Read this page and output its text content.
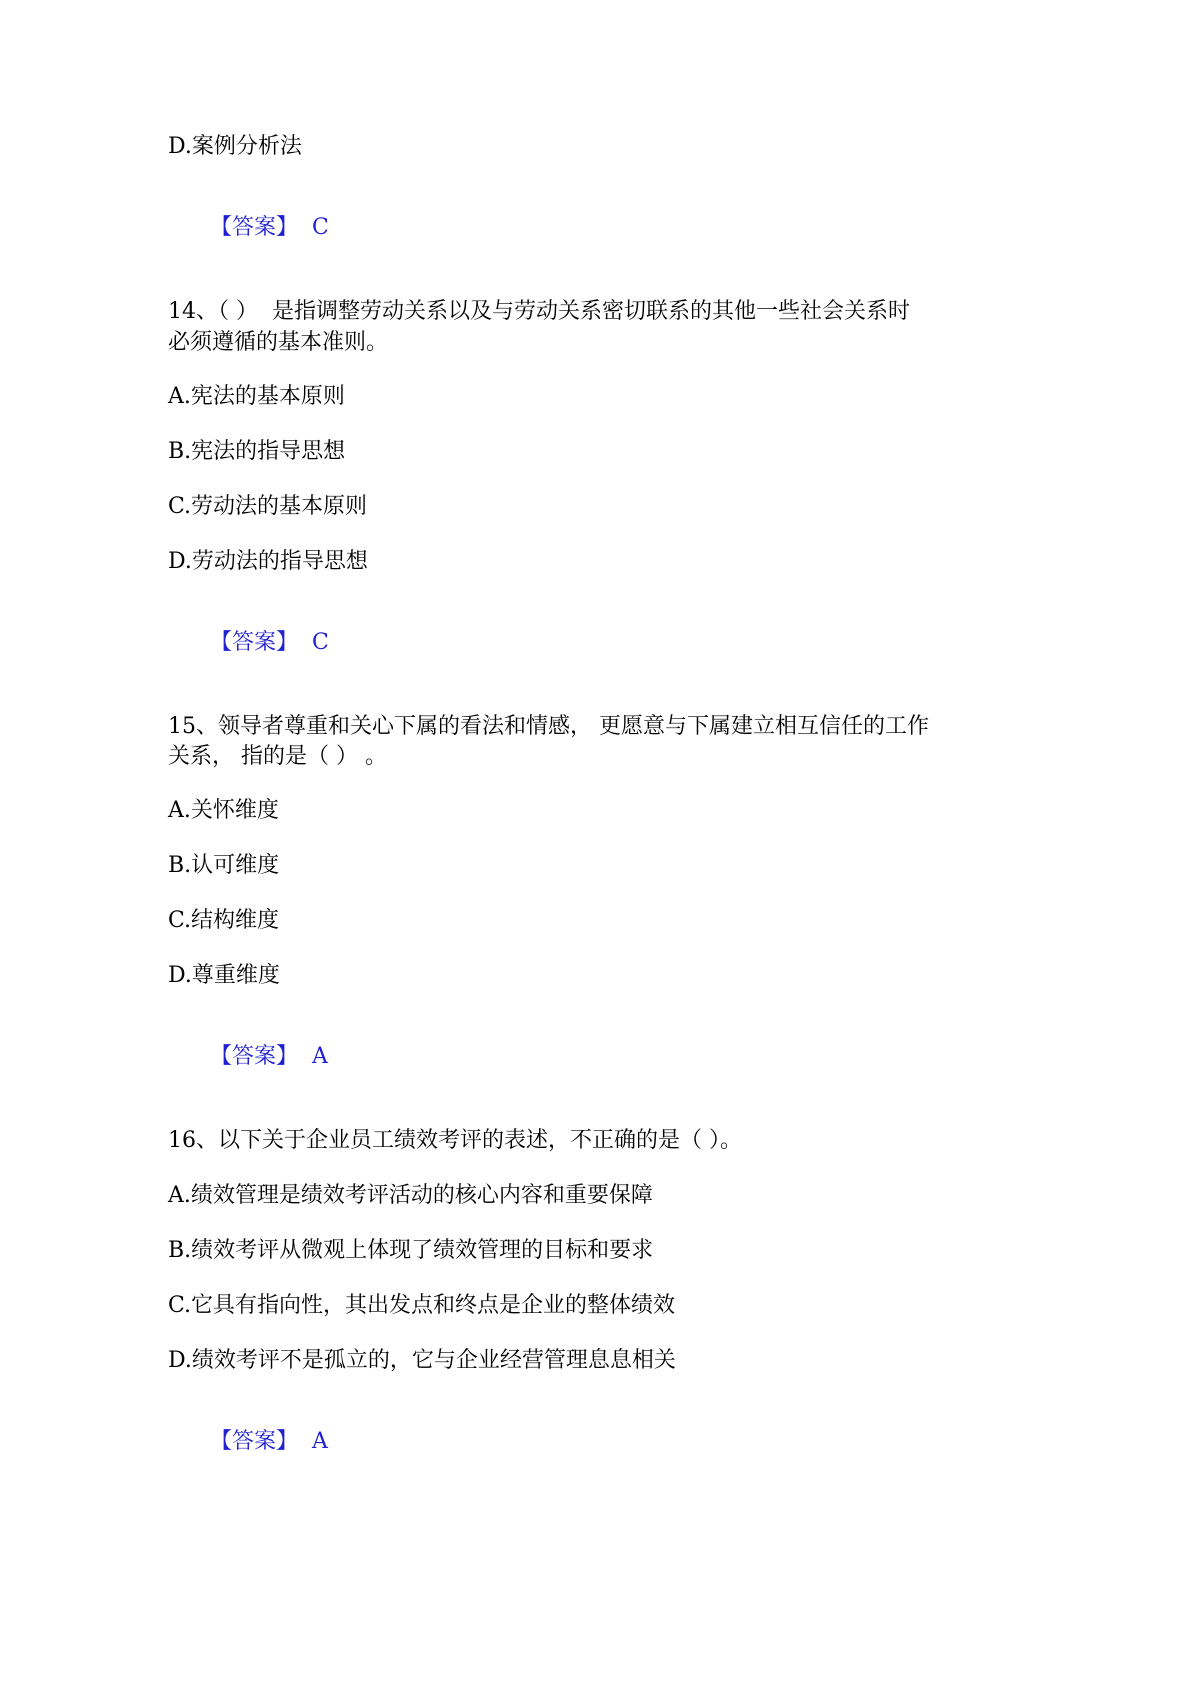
D.案例分析法

【答案】 C

14、（ ）  是指调整劳动关系以及与劳动关系密切联系的其他一些社会关系时
必须遵循的基本准则。
A.宪法的基本原则
B.宪法的指导思想
C.劳动法的基本原则
D.劳动法的指导思想

【答案】 C

15、领导者尊重和关心下属的看法和情感， 更愿意与下属建立相互信任的工作
关系， 指的是（ ） 。
A.关怀维度
B.认可维度
C.结构维度
D.尊重维度

【答案】 A

16、以下关于企业员工绩效考评的表述，不正确的是（ ）。
A.绩效管理是绩效考评活动的核心内容和重要保障
B.绩效考评从微观上体现了绩效管理的目标和要求
C.它具有指向性，其出发点和终点是企业的整体绩效
D.绩效考评不是孤立的，它与企业经营管理息息相关

【答案】 A
